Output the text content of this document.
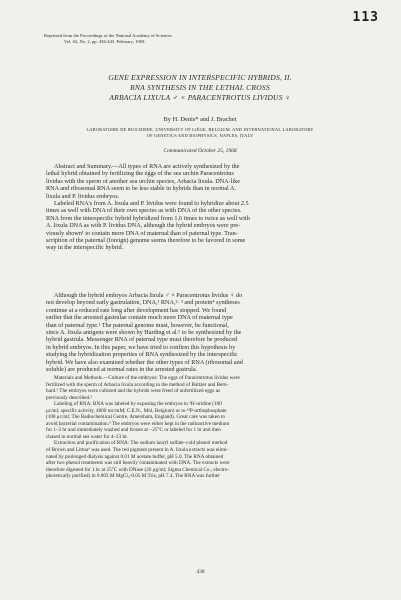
113
Reprinted from the Proceedings of the National Academy of Sciences
Vol. 63, No. 2, pp. 436-443. February, 1969.
GENE EXPRESSION IN INTERSPECIFIC HYBRIDS, II.
RNA SYNTHESIS IN THE LETHAL CROSS
ARBACIA LIXULA ♂ × PARACENTROTUS LIVIDUS ♀
By H. Denis* and J. Brachet
LABORATOIRE DE BIOCHIMIE, UNIVERSITY OF LIÈGE, BELGIUM, AND INTERNATIONAL LABORATORY
OF GENETICS AND BIOPHYSICS, NAPLES, ITALY
Communicated October 25, 1968
Abstract and Summary.—All types of RNA are actively synthesized by the
lethal hybrid obtained by fertilizing the eggs of the sea urchin Paracentrotus
lividus with the sperm of another sea urchin species, Arbacia lixula. DNA-like
RNA and ribosomal RNA seem to be less stable in hybrids than in normal A.
lixula and P. lividus embryos.
Labeled RNA's from A. lixula and P. lividus were found to hybridize about 2.5
times as well with DNA of their own species as with DNA of the other species.
RNA from the interspecific hybrid hybridized from 1.6 times to twice as well with
A. lixula DNA as with P. lividus DNA, although the hybrid embryos were pre-
viously shown¹ to contain more DNA of maternal than of paternal type. Tran-
scription of the paternal (foreign) genome seems therefore to be favored in some
way in the interspecific hybrid.
Although the hybrid embryos Arbacia lixula ♂ × Paracentrotus lividus ♀ do
not develop beyond early gastrulation, DNA,¹ RNA,²· ³ and protein⁴ syntheses
continue at a reduced rate long after development has stopped. We found
earlier that the arrested gastrulae contain much more DNA of maternal type
than of paternal type.¹ The paternal genome must, however, be functional,
since A. lixula antigens were shown by Harding et al.⁵ to be synthesized by the
hybrid gastrula. Messenger RNA of paternal type must therefore be produced
in hybrid embryos. In this paper, we have tried to confirm this hypothesis by
studying the hybridization properties of RNA synthesized by the interspecific
hybrid. We have also examined whether the other types of RNA (ribosomal and
soluble) are produced at normal rates in the arrested gastrula.
Materials and Methods.—Culture of the embryos: The eggs of Paracentrotus lividus were
fertilized with the sperm of Arbacia lixula according to the method of Baltzer and Bern-
hard.² The embryos were cultured and the hybrids were freed of unfertilized eggs as
previously described.²
Labeling of RNA: RNA was labeled by exposing the embryos to ³H-uridine (100
μc/ml; specific activity, 4000 mc/mM; C.E.N., Mol, Belgium) or to ³²P-orthophosphate
(100 μc/ml; The Radiochemical Centre, Amersham, England). Great care was taken to
avoid bacterial contamination.³ The embryos were either kept in the radioactive medium
for 1–3 hr and immediately washed and frozen at −25°C or labeled for 1 hr and then
chased in normal sea water for 4–23 hr.
Extraction and purification of RNA: The sodium lauryl sulfate–cold phenol method
of Brown and Littna⁶ was used. The red pigment present in A. lixula extracts was elimi-
nated by prolonged dialysis against 0.01 M acetate buffer, pH 5.0. The RNA obtained
after two phenol treatments was still heavily contaminated with DNA. The extracts were
therefore digested for 1 hr at 25°C with DNase (20 μg/ml; Sigma Chemical Co., electro-
phoretically purified) in 0.003 M MgCl₂-0.05 M Tris, pH 7.4. The RNA was further
438
